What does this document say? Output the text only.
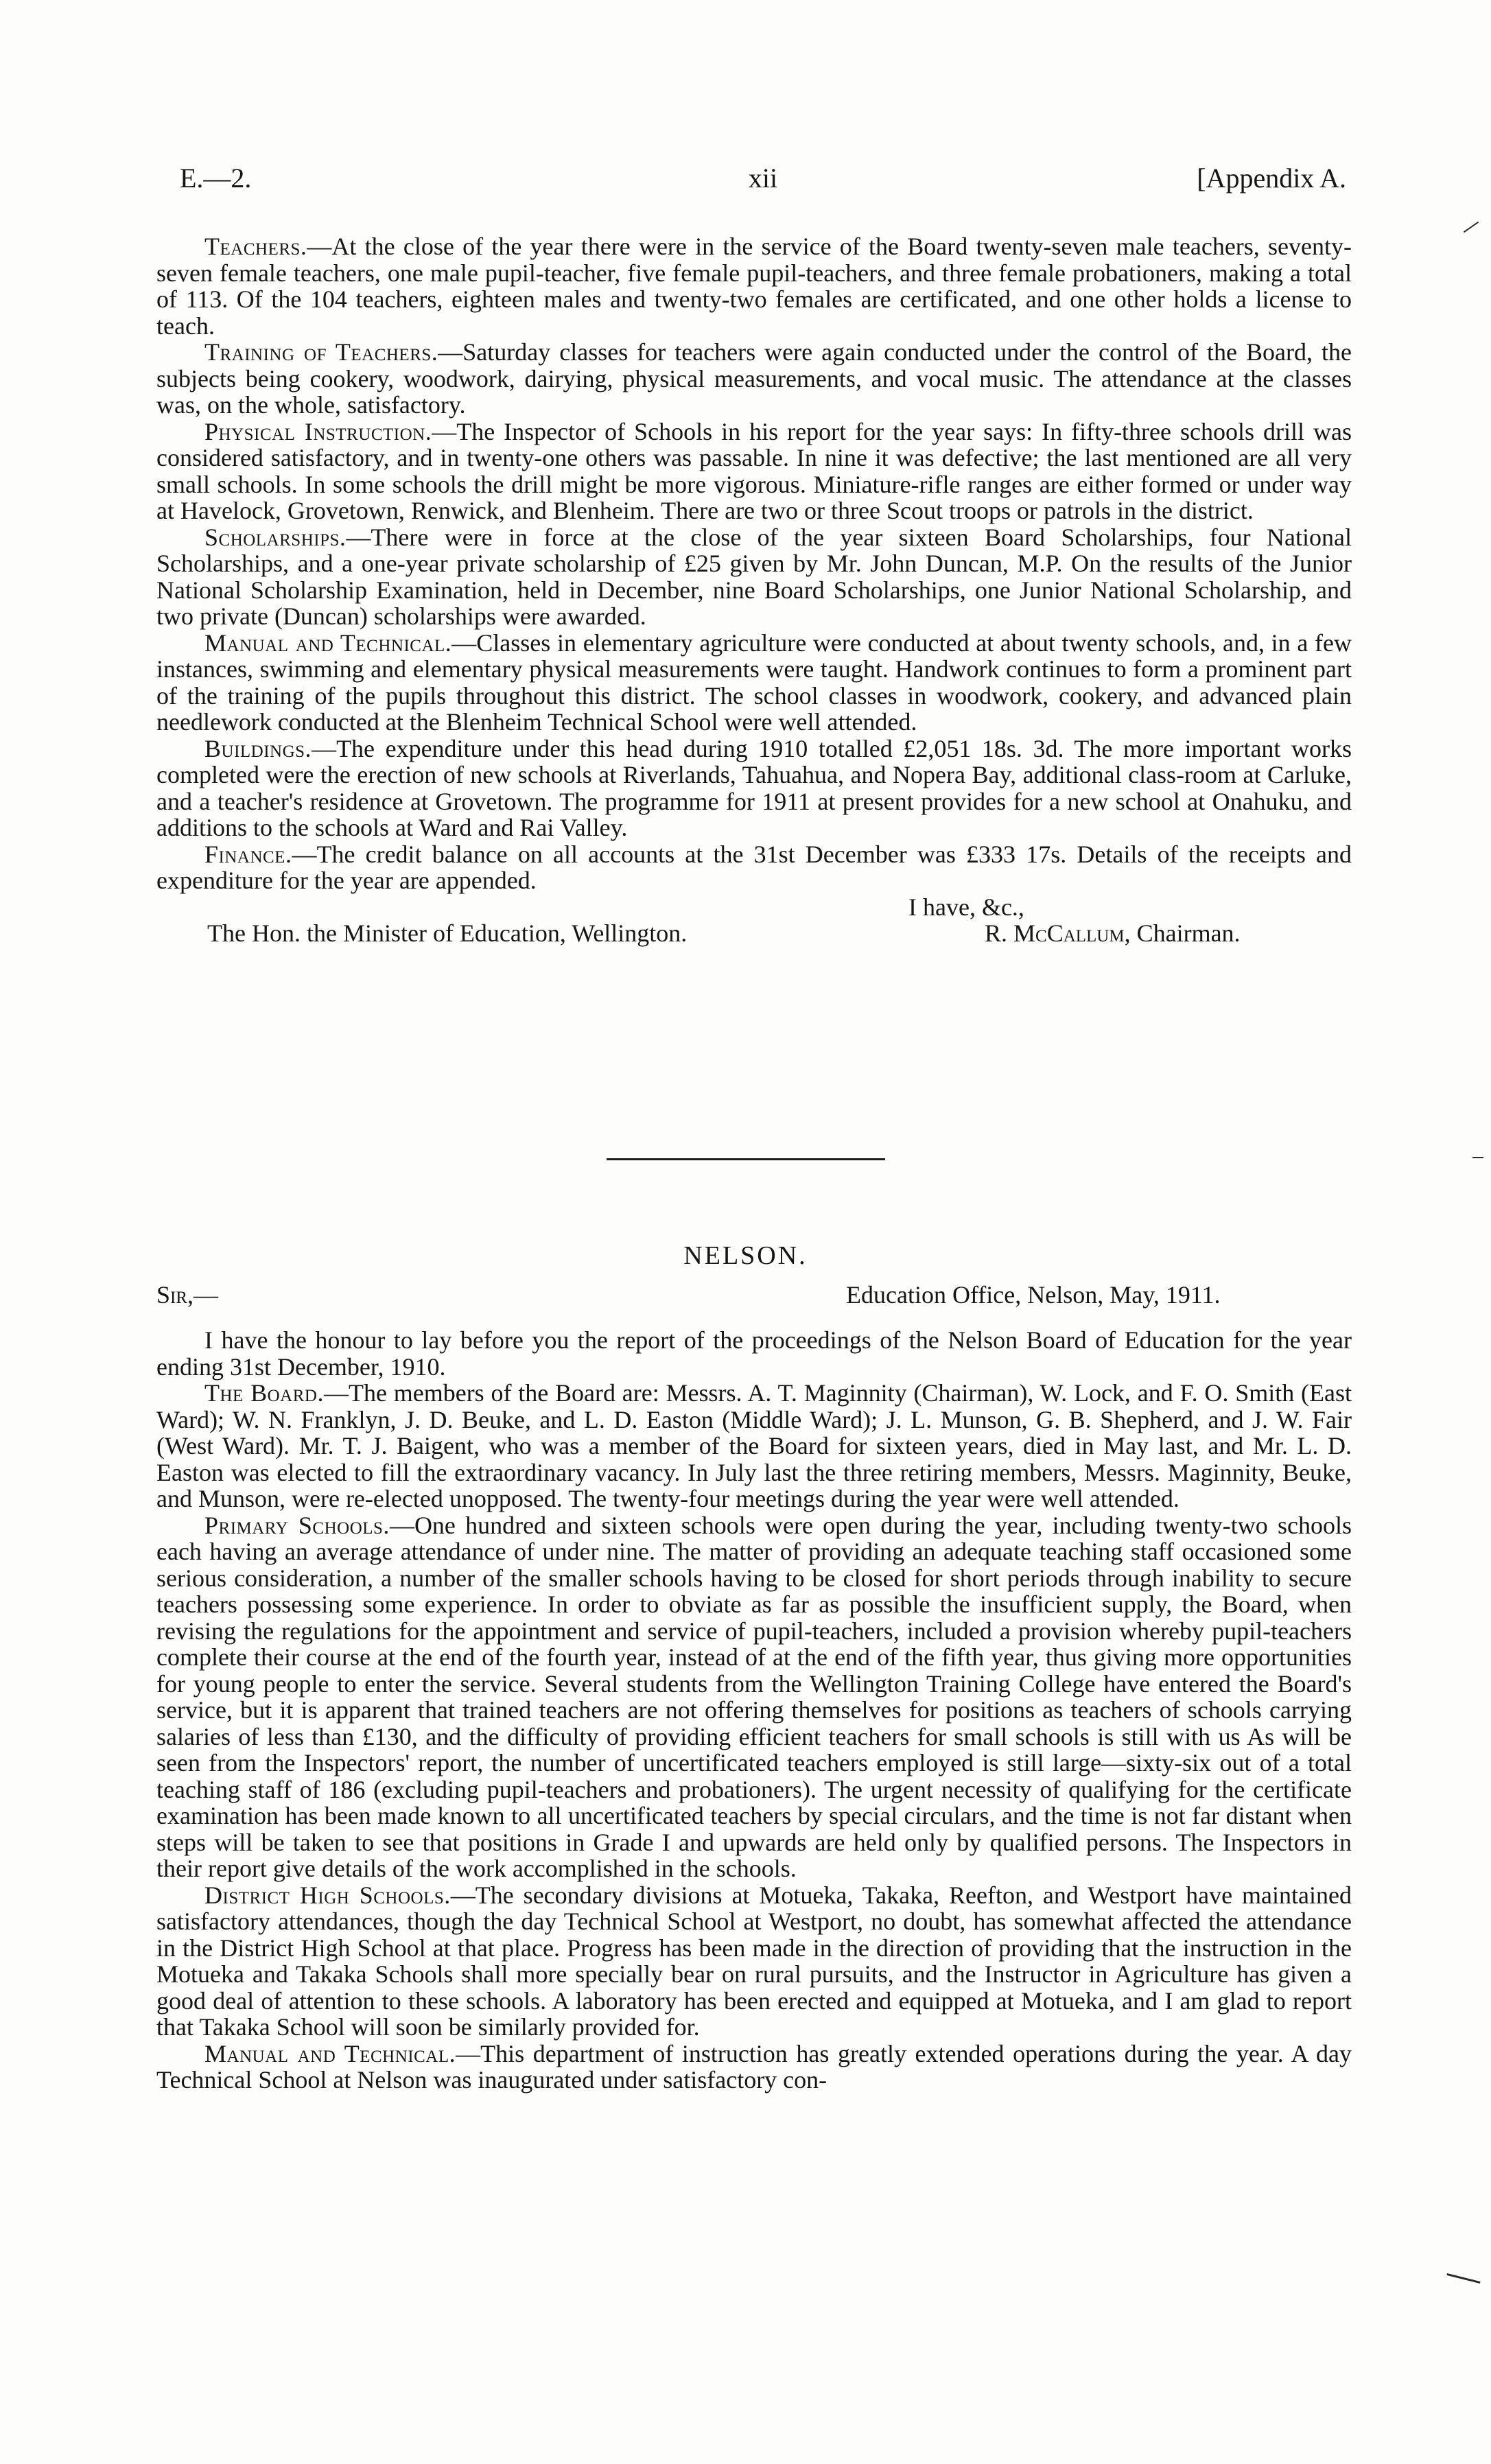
E.—2.	xii	[Appendix A.

Teachers.—At the close of the year there were in the service of the Board twenty-seven male teachers, seventy-seven female teachers, one male pupil-teacher, five female pupil-teachers, and three female probationers, making a total of 113. Of the 104 teachers, eighteen males and twenty-two females are certificated, and one other holds a license to teach.

Training of Teachers.—Saturday classes for teachers were again conducted under the control of the Board, the subjects being cookery, woodwork, dairying, physical measurements, and vocal music. The attendance at the classes was, on the whole, satisfactory.

Physical Instruction.—The Inspector of Schools in his report for the year says: In fifty-three schools drill was considered satisfactory, and in twenty-one others was passable. In nine it was defective; the last mentioned are all very small schools. In some schools the drill might be more vigorous. Miniature-rifle ranges are either formed or under way at Havelock, Grovetown, Renwick, and Blenheim. There are two or three Scout troops or patrols in the district.

Scholarships.—There were in force at the close of the year sixteen Board Scholarships, four National Scholarships, and a one-year private scholarship of £25 given by Mr. John Duncan, M.P. On the results of the Junior National Scholarship Examination, held in December, nine Board Scholarships, one Junior National Scholarship, and two private (Duncan) scholarships were awarded.

Manual and Technical.—Classes in elementary agriculture were conducted at about twenty schools, and, in a few instances, swimming and elementary physical measurements were taught. Handwork continues to form a prominent part of the training of the pupils throughout this district. The school classes in woodwork, cookery, and advanced plain needlework conducted at the Blenheim Technical School were well attended.

Buildings.—The expenditure under this head during 1910 totalled £2,051 18s. 3d. The more important works completed were the erection of new schools at Riverlands, Tahuahua, and Nopera Bay, additional class-room at Carluke, and a teacher's residence at Grovetown. The programme for 1911 at present provides for a new school at Onahuku, and additions to the schools at Ward and Rai Valley.

Finance.—The credit balance on all accounts at the 31st December was £333 17s. Details of the receipts and expenditure for the year are appended.

I have, &c.,
The Hon. the Minister of Education, Wellington.	R. McCallum, Chairman.
NELSON.
Sir,—	Education Office, Nelson, May, 1911.

I have the honour to lay before you the report of the proceedings of the Nelson Board of Education for the year ending 31st December, 1910.

The Board.—The members of the Board are: Messrs. A. T. Maginnity (Chairman), W. Lock, and F. O. Smith (East Ward); W. N. Franklyn, J. D. Beuke, and L. D. Easton (Middle Ward); J. L. Munson, G. B. Shepherd, and J. W. Fair (West Ward). Mr. T. J. Baigent, who was a member of the Board for sixteen years, died in May last, and Mr. L. D. Easton was elected to fill the extraordinary vacancy. In July last the three retiring members, Messrs. Maginnity, Beuke, and Munson, were re-elected unopposed. The twenty-four meetings during the year were well attended.

Primary Schools.—One hundred and sixteen schools were open during the year, including twenty-two schools each having an average attendance of under nine. The matter of providing an adequate teaching staff occasioned some serious consideration, a number of the smaller schools having to be closed for short periods through inability to secure teachers possessing some experience. In order to obviate as far as possible the insufficient supply, the Board, when revising the regulations for the appointment and service of pupil-teachers, included a provision whereby pupil-teachers complete their course at the end of the fourth year, instead of at the end of the fifth year, thus giving more opportunities for young people to enter the service. Several students from the Wellington Training College have entered the Board's service, but it is apparent that trained teachers are not offering themselves for positions as teachers of schools carrying salaries of less than £130, and the difficulty of providing efficient teachers for small schools is still with us As will be seen from the Inspectors' report, the number of uncertificated teachers employed is still large—sixty-six out of a total teaching staff of 186 (excluding pupil-teachers and probationers). The urgent necessity of qualifying for the certificate examination has been made known to all uncertificated teachers by special circulars, and the time is not far distant when steps will be taken to see that positions in Grade I and upwards are held only by qualified persons. The Inspectors in their report give details of the work accomplished in the schools.

District High Schools.—The secondary divisions at Motueka, Takaka, Reefton, and Westport have maintained satisfactory attendances, though the day Technical School at Westport, no doubt, has somewhat affected the attendance in the District High School at that place. Progress has been made in the direction of providing that the instruction in the Motueka and Takaka Schools shall more specially bear on rural pursuits, and the Instructor in Agriculture has given a good deal of attention to these schools. A laboratory has been erected and equipped at Motueka, and I am glad to report that Takaka School will soon be similarly provided for.

Manual and Technical.—This department of instruction has greatly extended operations during the year. A day Technical School at Nelson was inaugurated under satisfactory con-
